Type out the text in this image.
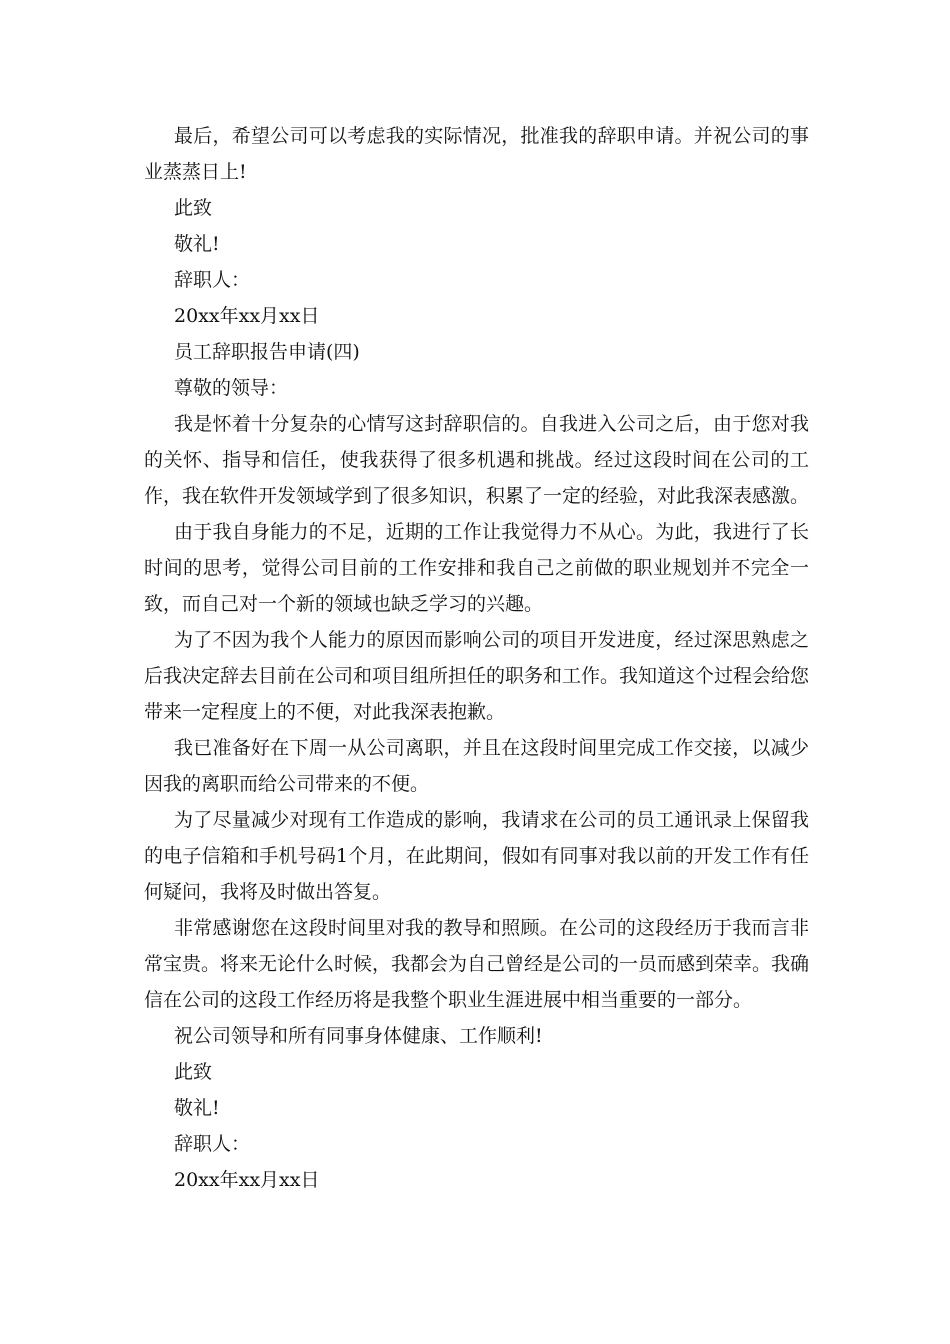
最后，希望公司可以考虑我的实际情况，批准我的辞职申请。并祝公司的事业蒸蒸日上!

此致

敬礼!

辞职人：

20xx年xx月xx日

员工辞职报告申请(四)

尊敬的领导：

我是怀着十分复杂的心情写这封辞职信的。自我进入公司之后，由于您对我的关怀、指导和信任，使我获得了很多机遇和挑战。经过这段时间在公司的工作，我在软件开发领域学到了很多知识，积累了一定的经验，对此我深表感激。

由于我自身能力的不足，近期的工作让我觉得力不从心。为此，我进行了长时间的思考，觉得公司目前的工作安排和我自己之前做的职业规划并不完全一致，而自己对一个新的领域也缺乏学习的兴趣。

为了不因为我个人能力的原因而影响公司的项目开发进度，经过深思熟虑之后我决定辞去目前在公司和项目组所担任的职务和工作。我知道这个过程会给您带来一定程度上的不便，对此我深表抱歉。

我已准备好在下周一从公司离职，并且在这段时间里完成工作交接，以减少因我的离职而给公司带来的不便。

为了尽量减少对现有工作造成的影响，我请求在公司的员工通讯录上保留我的电子信箱和手机号码1个月，在此期间，假如有同事对我以前的开发工作有任何疑问，我将及时做出答复。

非常感谢您在这段时间里对我的教导和照顾。在公司的这段经历于我而言非常宝贵。将来无论什么时候，我都会为自己曾经是公司的一员而感到荣幸。我确信在公司的这段工作经历将是我整个职业生涯进展中相当重要的一部分。

祝公司领导和所有同事身体健康、工作顺利!

此致

敬礼!

辞职人：

20xx年xx月xx日
